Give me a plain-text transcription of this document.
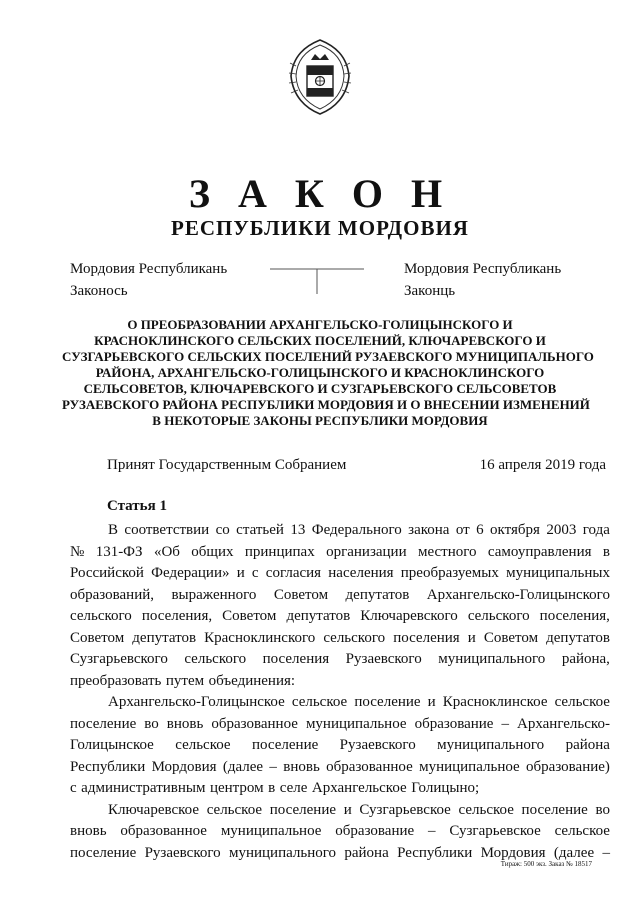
З А К О Н
РЕСПУБЛИКИ МОРДОВИЯ
Мордовия Республикань
Законось
Мордовия Республикань
Законць
О ПРЕОБРАЗОВАНИИ АРХАНГЕЛЬСКО-ГОЛИЦЫНСКОГО И
КРАСНОКЛИНСКОГО СЕЛЬСКИХ ПОСЕЛЕНИЙ, КЛЮЧАРЕВСКОГО И
СУЗГАРЬЕВСКОГО СЕЛЬСКИХ ПОСЕЛЕНИЙ РУЗАЕВСКОГО МУНИЦИПАЛЬНОГО
РАЙОНА, АРХАНГЕЛЬСКО-ГОЛИЦЫНСКОГО И КРАСНОКЛИНСКОГО
СЕЛЬСОВЕТОВ, КЛЮЧАРЕВСКОГО И СУЗГАРЬЕВСКОГО СЕЛЬСОВЕТОВ
РУЗАЕВСКОГО РАЙОНА РЕСПУБЛИКИ МОРДОВИЯ И О ВНЕСЕНИИ ИЗМЕНЕНИЙ
В НЕКОТОРЫЕ ЗАКОНЫ РЕСПУБЛИКИ МОРДОВИЯ
Принят Государственным Собранием	16 апреля 2019 года
Статья 1
В соответствии со статьей 13 Федерального закона от 6 октября 2003 года
№ 131-ФЗ «Об общих принципах организации местного самоуправления в
Российской Федерации» и с согласия населения преобразуемых муниципальных
образований, выраженного Советом депутатов Архангельско-Голицынского
сельского поселения, Советом депутатов Ключаревского сельского поселения,
Советом депутатов Красноклинского сельского поселения и Советом депутатов
Сузгарьевского сельского поселения Рузаевского муниципального района,
преобразовать путем объединения:
Архангельско-Голицынское сельское поселение и Красноклинское сельское
поселение во вновь образованное муниципальное образование – Архангельско-
Голицынское сельское поселение Рузаевского муниципального района
Республики Мордовия (далее – вновь образованное муниципальное образование)
с административным центром в селе Архангельское Голицыно;
Ключаревское сельское поселение и Сузгарьевское сельское поселение во
вновь образованное муниципальное образование – Сузгарьевское сельское
поселение Рузаевского муниципального района Республики Мордовия (далее –
Тираж: 500 экз. Заказ № 18517
